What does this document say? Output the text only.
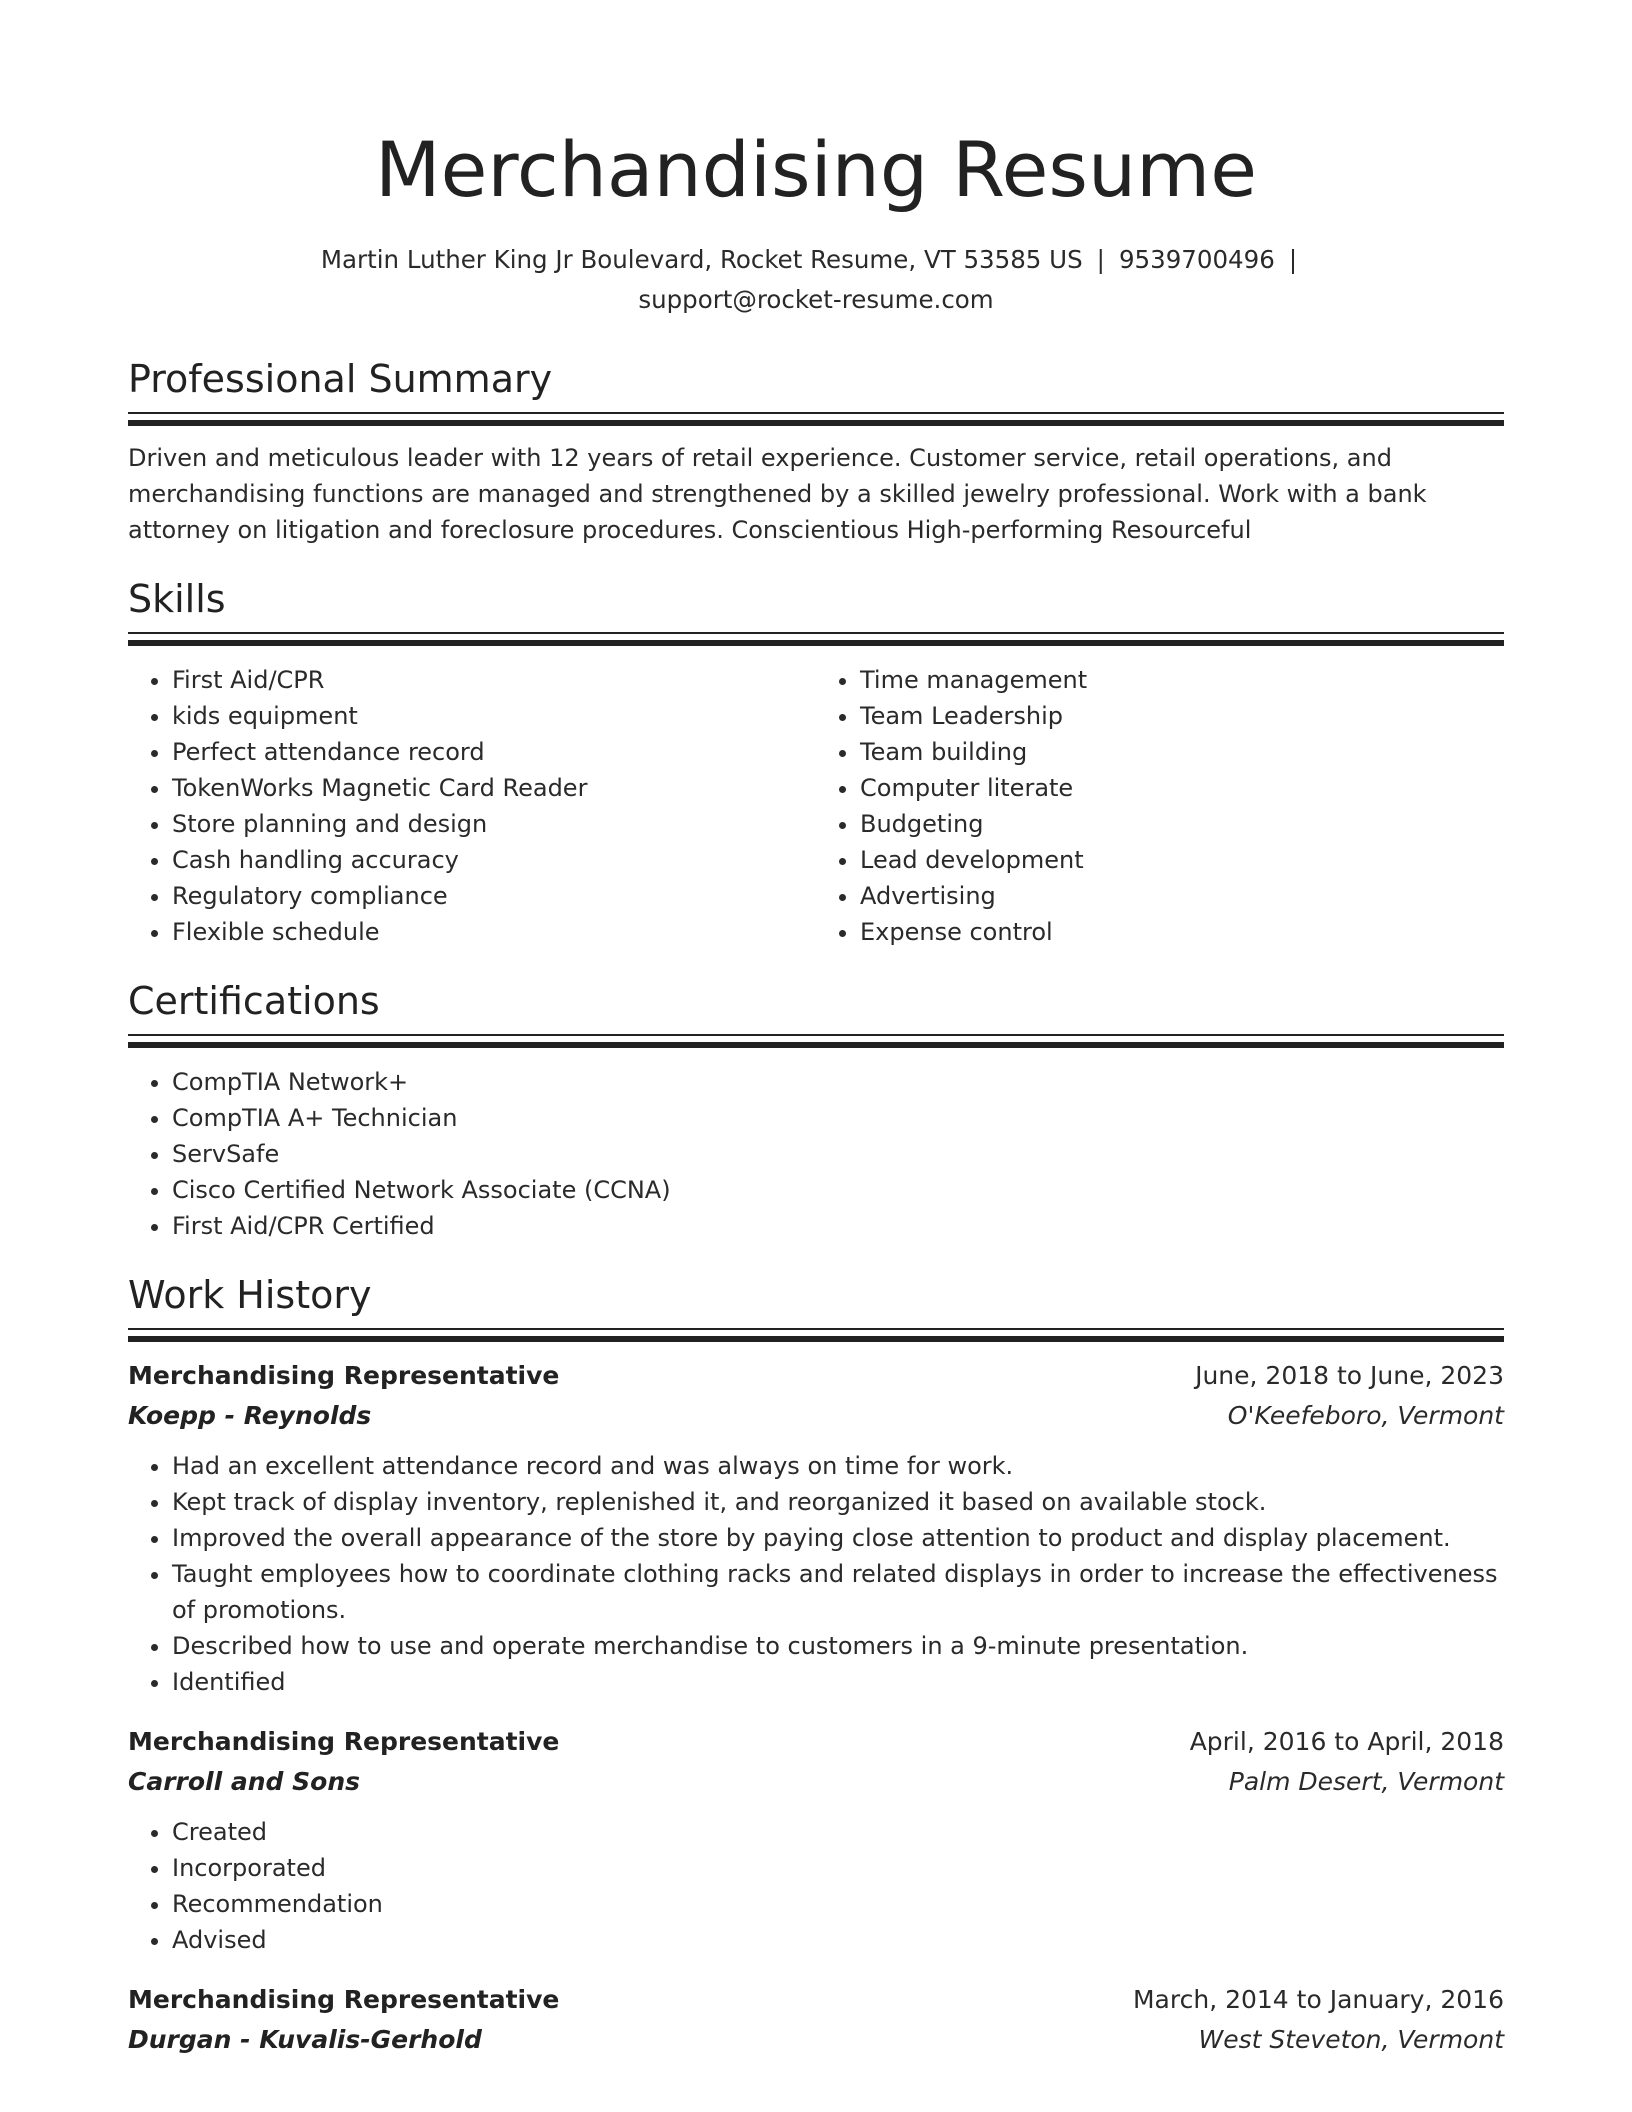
Merchandising Resume
Martin Luther King Jr Boulevard, Rocket Resume, VT 53585 US | 9539700496 |
support@rocket-resume.com
Professional Summary
Driven and meticulous leader with 12 years of retail experience. Customer service, retail operations, and merchandising functions are managed and strengthened by a skilled jewelry professional. Work with a bank attorney on litigation and foreclosure procedures. Conscientious High-performing Resourceful
Skills
• First Aid/CPR
• kids equipment
• Perfect attendance record
• TokenWorks Magnetic Card Reader
• Store planning and design
• Cash handling accuracy
• Regulatory compliance
• Flexible schedule
• Time management
• Team Leadership
• Team building
• Computer literate
• Budgeting
• Lead development
• Advertising
• Expense control
Certifications
• CompTIA Network+
• CompTIA A+ Technician
• ServSafe
• Cisco Certified Network Associate (CCNA)
• First Aid/CPR Certified
Work History
Merchandising Representative	June, 2018 to June, 2023
Koepp - Reynolds	O'Keefeboro, Vermont
• Had an excellent attendance record and was always on time for work.
• Kept track of display inventory, replenished it, and reorganized it based on available stock.
• Improved the overall appearance of the store by paying close attention to product and display placement.
• Taught employees how to coordinate clothing racks and related displays in order to increase the effectiveness of promotions.
• Described how to use and operate merchandise to customers in a 9-minute presentation.
• Identified
Merchandising Representative	April, 2016 to April, 2018
Carroll and Sons	Palm Desert, Vermont
• Created
• Incorporated
• Recommendation
• Advised
Merchandising Representative	March, 2014 to January, 2016
Durgan - Kuvalis-Gerhold	West Steveton, Vermont
